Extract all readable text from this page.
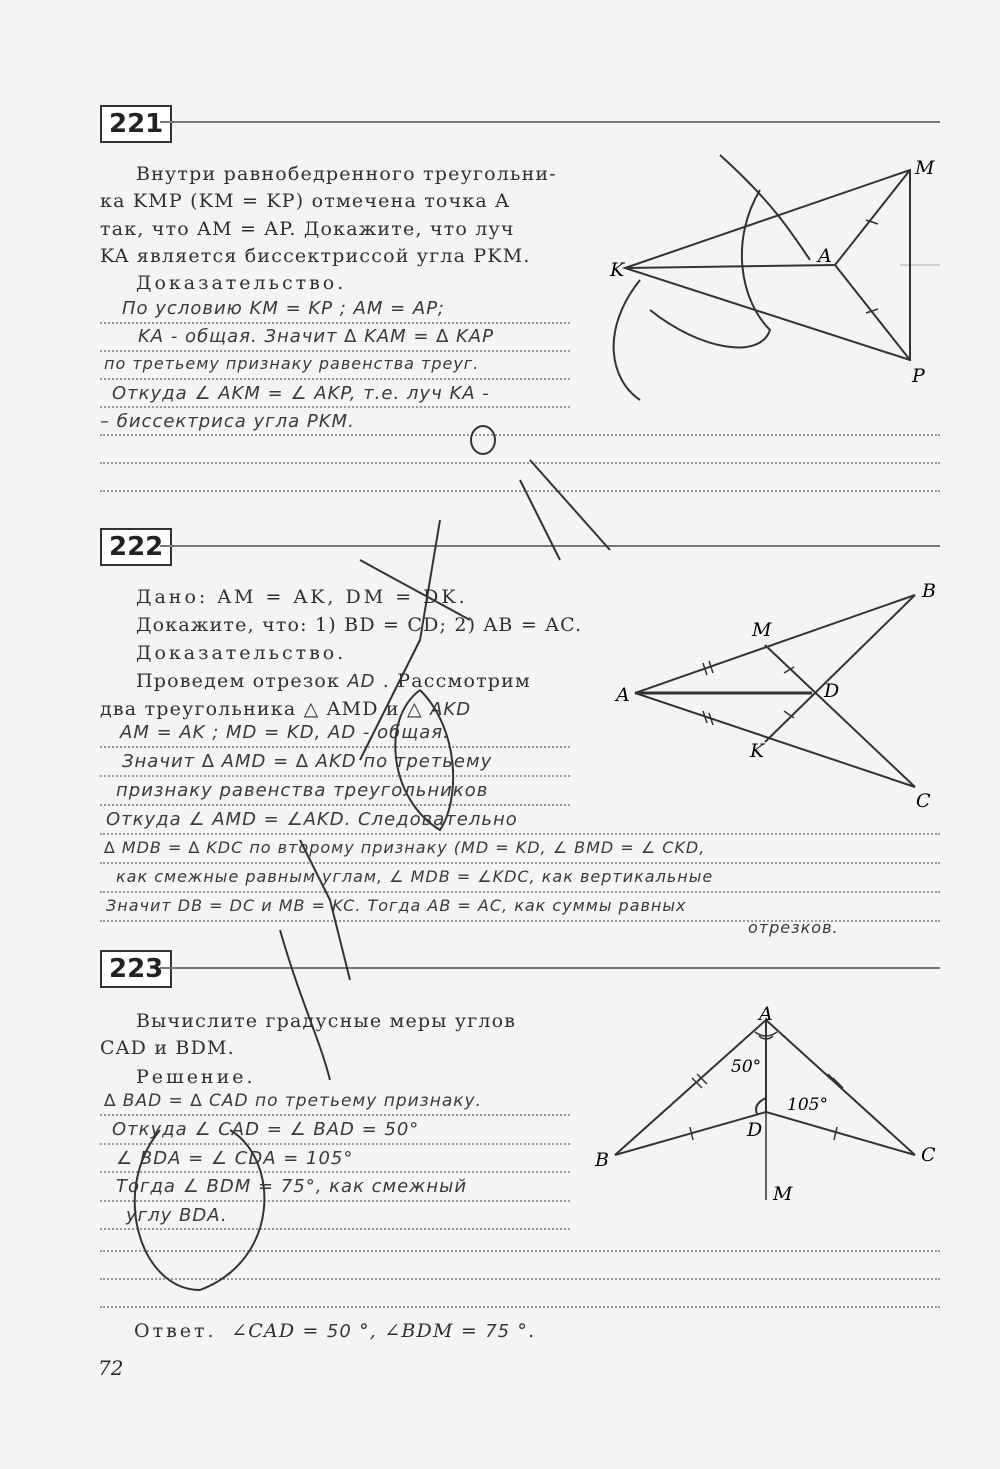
221
Внутри равнобедренного треугольни-
ка KMP (KM = KP) отмечена точка A
так, что AM = AP. Докажите, что луч
KA является биссектриссой угла PKM.
Доказательство.
По условию KM = KP ; AM = AP;
KA - общая. Значит ∆ KAM = ∆ KAP
по третьему признаку равенства треуг.
Откуда ∠ AKM = ∠ AKP, т.е. луч KA -
– биссектриса угла PKM.
M
K
A
P
222
Дано: AM = AK, DM = DK.
Докажите, что: 1) BD = CD; 2) AB = AC.
Доказательство.
Проведем отрезок AD . Рассмотрим
два треугольника △ AMD и △ AKD
AM = AK ; MD = KD, AD - общая.
Значит ∆ AMD = ∆ AKD по третьему
признаку равенства треугольников
Откуда ∠ AMD = ∠AKD. Следовательно
∆ MDB = ∆ KDC по второму признаку (MD = KD, ∠ BMD = ∠ CKD,
как смежные равным углам, ∠ MDB = ∠KDC, как вертикальные
Значит DB = DC и MB = KC. Тогда AB = AC, как суммы равных
отрезков.
B
M
A	D
K
C
223
Вычислите градусные меры углов
CAD и BDM.
Решение.
∆ BAD = ∆ CAD по третьему признаку.
Откуда ∠ CAD = ∠ BAD = 50°
∠ BDA = ∠ CDA = 105°
Тогда ∠ BDM = 75°, как смежный
углу BDA.
A
B	C
D
M
50°
105°
Ответ. ∠CAD = 50 °, ∠BDM = 75 °.
72
